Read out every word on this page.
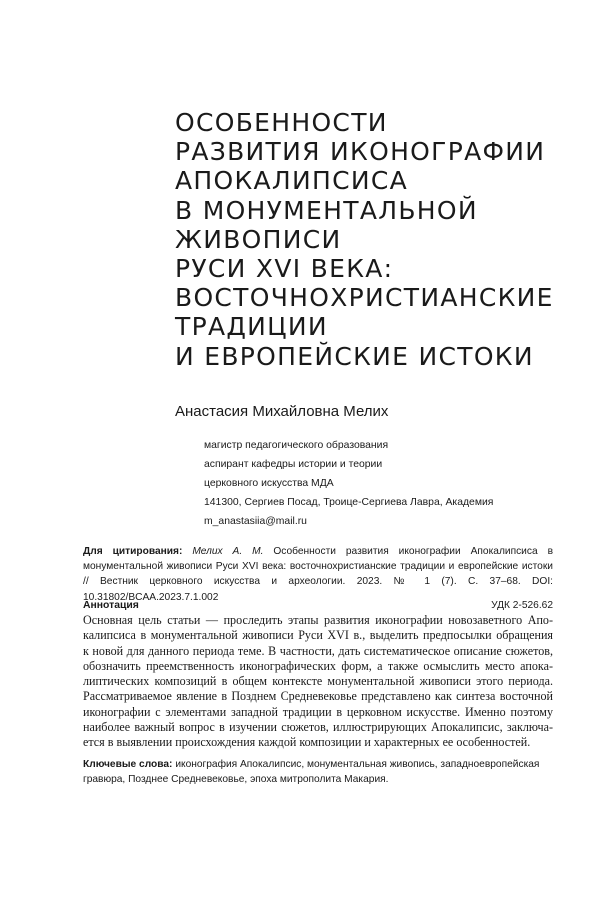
ОСОБЕННОСТИ
РАЗВИТИЯ ИКОНОГРАФИИ
АПОКАЛИПСИСА
В МОНУМЕНТАЛЬНОЙ
ЖИВОПИСИ
РУСИ XVI ВЕКА:
ВОСТОЧНОХРИСТИАНСКИЕ
ТРАДИЦИИ
И ЕВРОПЕЙСКИЕ ИСТОКИ
Анастасия Михайловна Мелих
магистр педагогического образования
аспирант кафедры истории и теории
церковного искусства МДА
141300, Сергиев Посад, Троице-Сергиева Лавра, Академия
m_anastasiia@mail.ru
Для цитирования: Мелих А. М. Особенности развития иконографии Апокалипсиса в монументальной живописи Руси XVI века: восточнохристианские традиции и европейские истоки // Вестник церковного искусства и археологии. 2023. № 1 (7). С. 37–68. DOI: 10.31802/BCAA.2023.7.1.002
Аннотация	УДК 2-526.62
Основная цель статьи — проследить этапы развития иконографии новозаветного Апо-
калипсиса в монументальной живописи Руси XVI в., выделить предпосылки обращения
к новой для данного периода теме. В частности, дать систематическое описание сюжетов,
обозначить преемственность иконографических форм, а также осмыслить место апока-
липтических композиций в общем контексте монументальной живописи этого периода.
Рассматриваемое явление в Позднем Средневековье представлено как синтеза восточной
иконографии с элементами западной традиции в церковном искусстве. Именно поэтому
наиболее важный вопрос в изучении сюжетов, иллюстрирующих Апокалипсис, заключа-
ется в выявлении происхождения каждой композиции и характерных ее особенностей.
Ключевые слова: иконография Апокалипсис, монументальная живопись, западноевропейская гравюра, Позднее Средневековье, эпоха митрополита Макария.
